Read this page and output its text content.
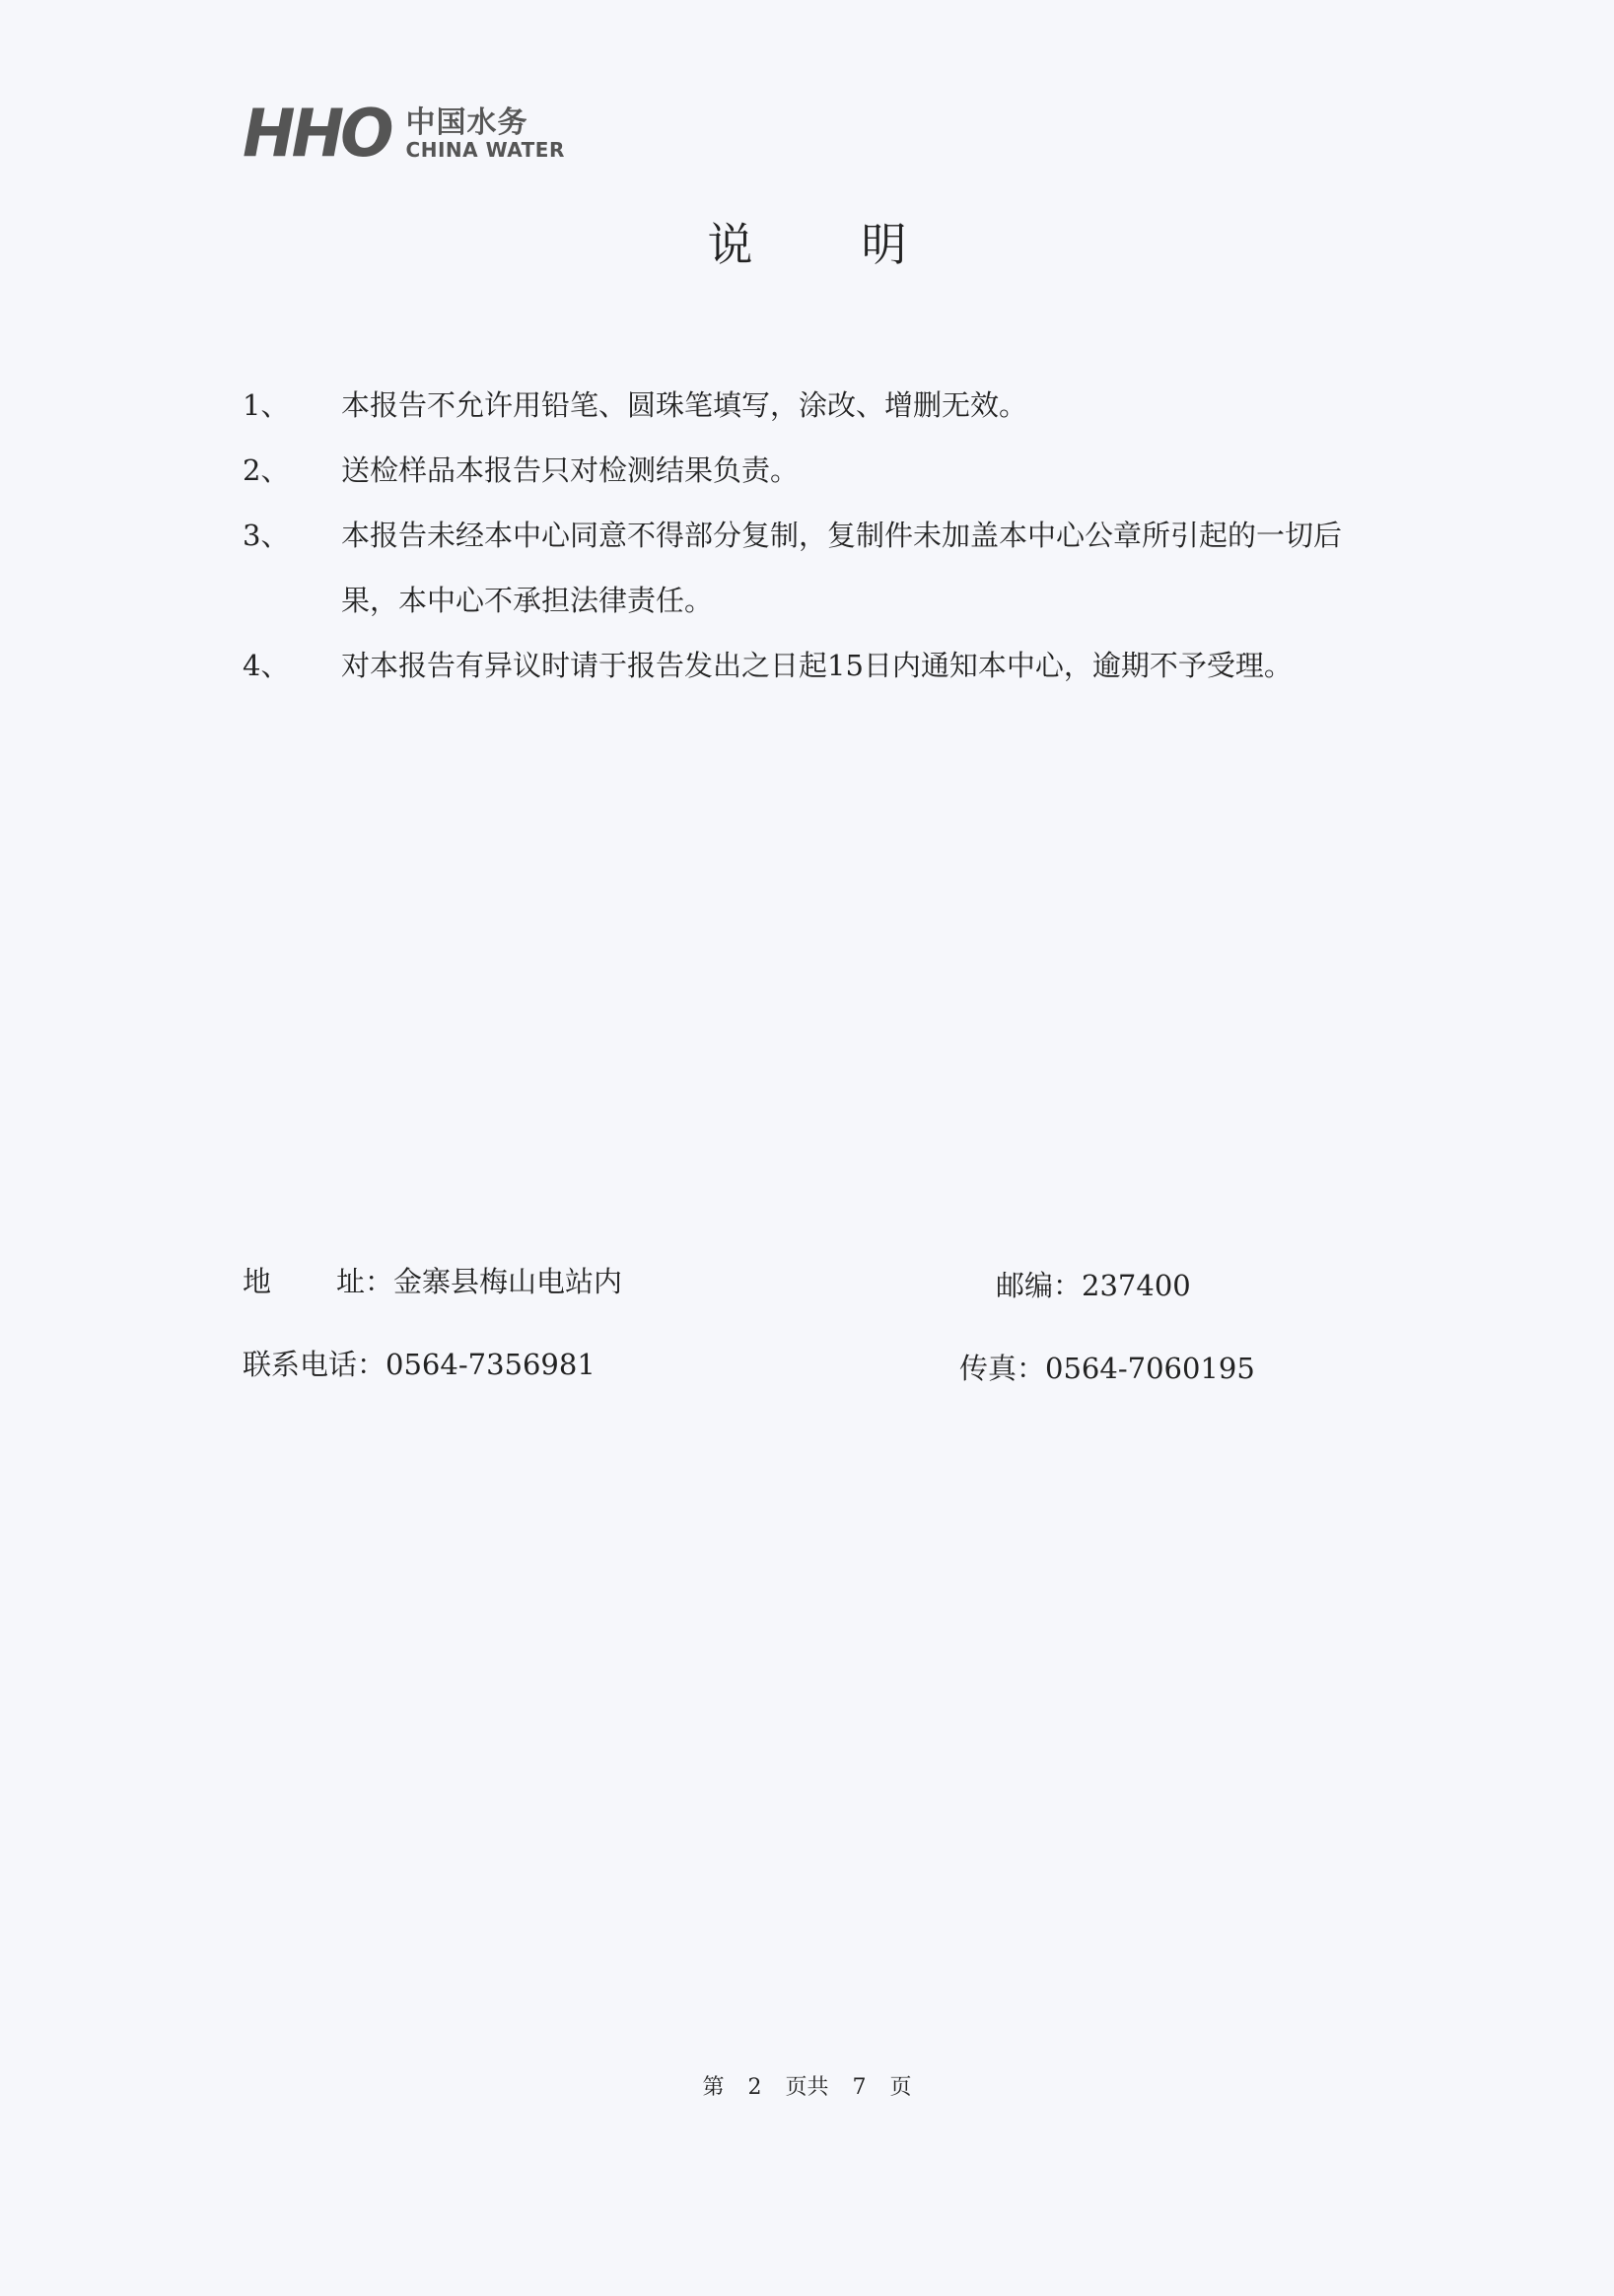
HHO 中国水务
CHINA WATER
说明
1、	本报告不允许用铅笔、圆珠笔填写，涂改、增删无效。
2、	送检样品本报告只对检测结果负责。
3、	本报告未经本中心同意不得部分复制，复制件未加盖本中心公章所引起的一切后果，本中心不承担法律责任。
4、	对本报告有异议时请于报告发出之日起15日内通知本中心，逾期不予受理。
地 址：金寨县梅山电站内	邮编：237400
联系电话：0564-7356981	传真：0564-7060195
第 2 页共 7 页
